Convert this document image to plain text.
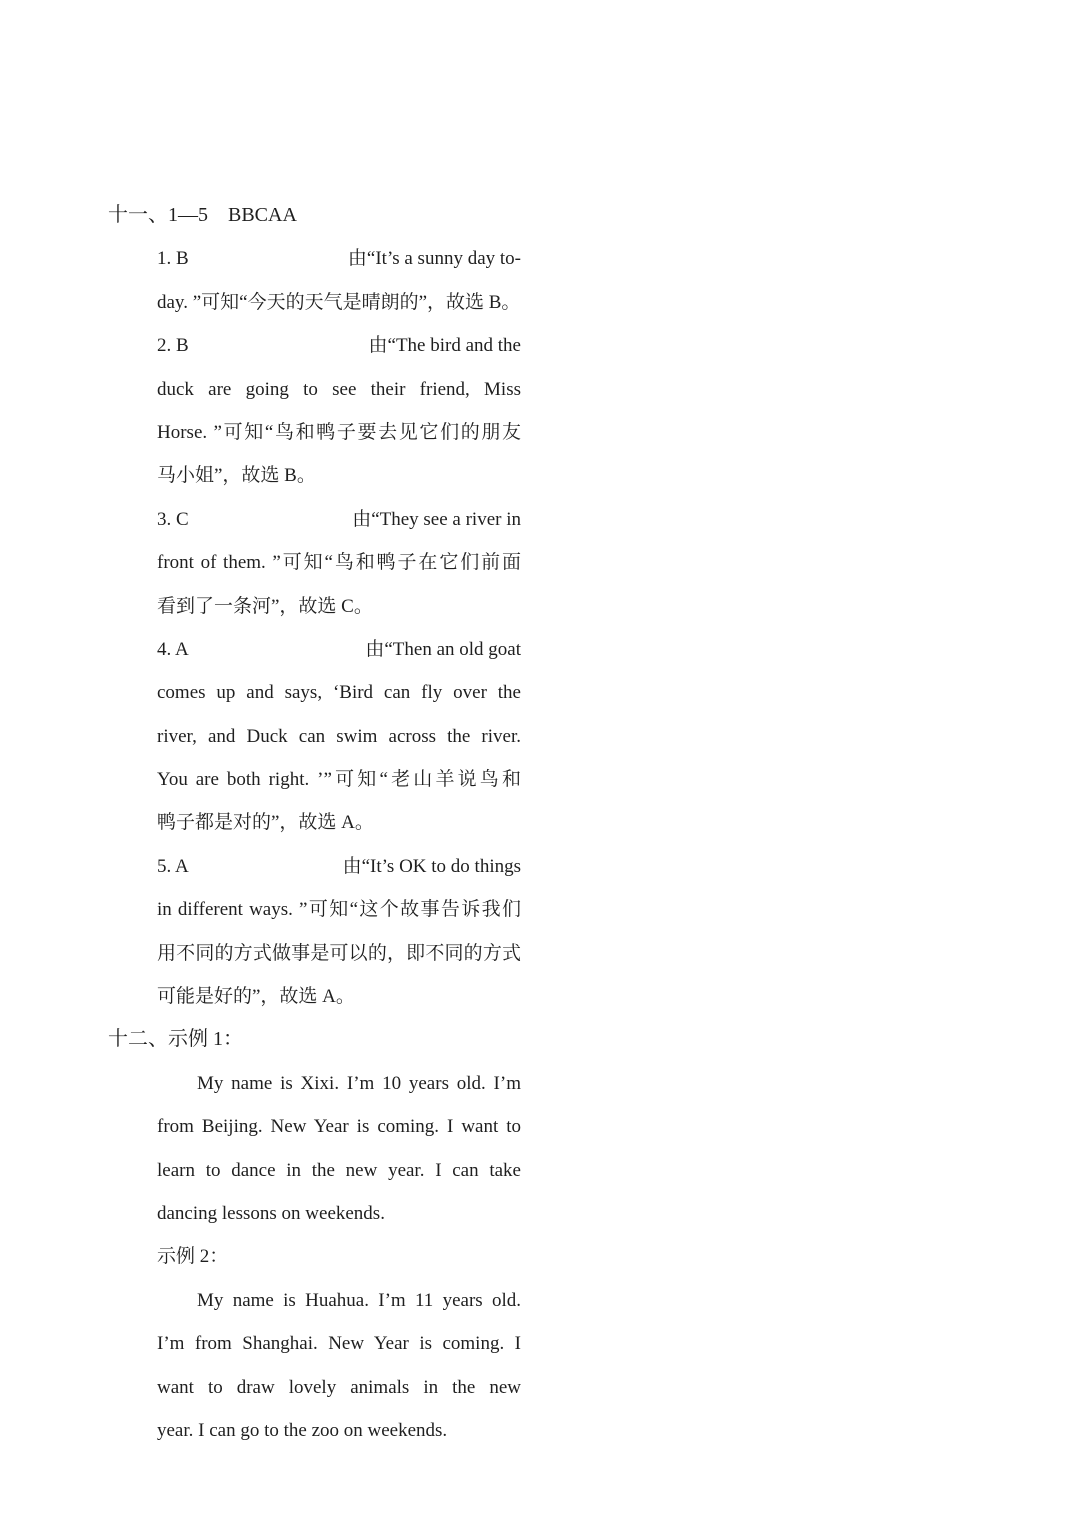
十一、1—5　BBCAA
1. B	由“It’s a sunny day to-
day. ”可知“今天的天气是晴朗的”，故选 B。
2. B	由“The bird and the
duck are going to see their friend, Miss
Horse. ”可知“鸟和鸭子要去见它们的朋友
马小姐”，故选 B。
3. C	由“They see a river in
front of them. ”可知“鸟和鸭子在它们前面
看到了一条河”，故选 C。
4. A	由“Then an old goat
comes up and says, ‘Bird can fly over the
river, and Duck can swim across the river.
You are both right. ’”可知“老山羊说鸟和
鸭子都是对的”，故选 A。
5. A	由“It’s OK to do things
in different ways. ”可知“这个故事告诉我们
用不同的方式做事是可以的，即不同的方式
可能是好的”，故选 A。
十二、示例 1：
My name is Xixi. I’m 10 years old. I’m
from Beijing. New Year is coming. I want to
learn to dance in the new year. I can take
dancing lessons on weekends.
示例 2：
My name is Huahua. I’m 11 years old.
I’m from Shanghai. New Year is coming. I
want to draw lovely animals in the new
year. I can go to the zoo on weekends.
